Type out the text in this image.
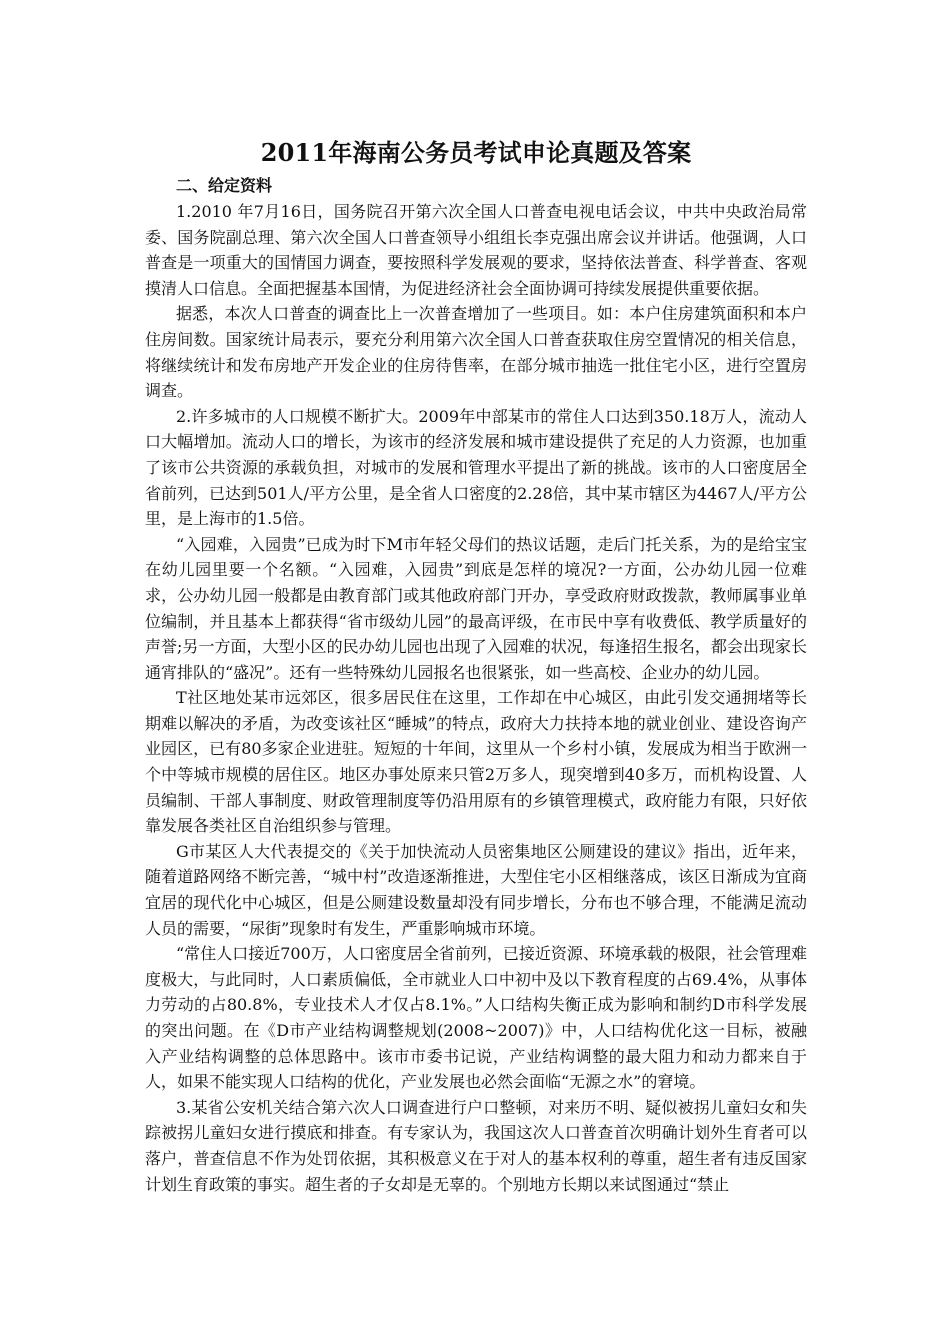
2011年海南公务员考试申论真题及答案
二、给定资料

1.2010 年7月16日，国务院召开第六次全国人口普查电视电话会议，中共中央政治局常委、国务院副总理、第六次全国人口普查领导小组组长李克强出席会议并讲话。他强调，人口普查是一项重大的国情国力调查，要按照科学发展观的要求，坚持依法普查、科学普查、客观摸清人口信息。全面把握基本国情，为促进经济社会全面协调可持续发展提供重要依据。

据悉，本次人口普查的调查比上一次普查增加了一些项目。如：本户住房建筑面积和本户住房间数。国家统计局表示，要充分利用第六次全国人口普查获取住房空置情况的相关信息，将继续统计和发布房地产开发企业的住房待售率，在部分城市抽选一批住宅小区，进行空置房调查。

2.许多城市的人口规模不断扩大。2009年中部某市的常住人口达到350.18万人，流动人口大幅增加。流动人口的增长，为该市的经济发展和城市建设提供了充足的人力资源，也加重了该市公共资源的承载负担，对城市的发展和管理水平提出了新的挑战。该市的人口密度居全省前列，已达到501人/平方公里，是全省人口密度的2.28倍，其中某市辖区为4467人/平方公里，是上海市的1.5倍。

“入园难，入园贵”已成为时下M市年轻父母们的热议话题，走后门托关系，为的是给宝宝在幼儿园里要一个名额。“入园难，入园贵”到底是怎样的境况?一方面，公办幼儿园一位难求，公办幼儿园一般都是由教育部门或其他政府部门开办，享受政府财政拨款，教师属事业单位编制，并且基本上都获得“省市级幼儿园”的最高评级，在市民中享有收费低、教学质量好的声誉;另一方面，大型小区的民办幼儿园也出现了入园难的状况，每逢招生报名，都会出现家长通宵排队的“盛况”。还有一些特殊幼儿园报名也很紧张，如一些高校、企业办的幼儿园。

T社区地处某市远郊区，很多居民住在这里，工作却在中心城区，由此引发交通拥堵等长期难以解决的矛盾，为改变该社区“睡城”的特点，政府大力扶持本地的就业创业、建设咨询产业园区，已有80多家企业进驻。短短的十年间，这里从一个乡村小镇，发展成为相当于欧洲一个中等城市规模的居住区。地区办事处原来只管2万多人，现突增到40多万，而机构设置、人员编制、干部人事制度、财政管理制度等仍沿用原有的乡镇管理模式，政府能力有限，只好依靠发展各类社区自治组织参与管理。

G市某区人大代表提交的《关于加快流动人员密集地区公厕建设的建议》指出，近年来，随着道路网络不断完善，“城中村”改造逐渐推进，大型住宅小区相继落成，该区日渐成为宜商宜居的现代化中心城区，但是公厕建设数量却没有同步增长，分布也不够合理，不能满足流动人员的需要，“尿街”现象时有发生，严重影响城市环境。

“常住人口接近700万，人口密度居全省前列，已接近资源、环境承载的极限，社会管理难度极大，与此同时，人口素质偏低，全市就业人口中初中及以下教育程度的占69.4%，从事体力劳动的占80.8%，专业技术人才仅占8.1%。”人口结构失衡正成为影响和制约D市科学发展的突出问题。在《D市产业结构调整规划(2008~2007)》中，人口结构优化这一目标，被融入产业结构调整的总体思路中。该市市委书记说，产业结构调整的最大阻力和动力都来自于人，如果不能实现人口结构的优化，产业发展也必然会面临“无源之水”的窘境。

3.某省公安机关结合第六次人口调查进行户口整顿，对来历不明、疑似被拐儿童妇女和失踪被拐儿童妇女进行摸底和排查。有专家认为，我国这次人口普查首次明确计划外生育者可以落户，普查信息不作为处罚依据，其积极意义在于对人的基本权利的尊重，超生者有违反国家计划生育政策的事实。超生者的子女却是无辜的。个别地方长期以来试图通过“禁止
